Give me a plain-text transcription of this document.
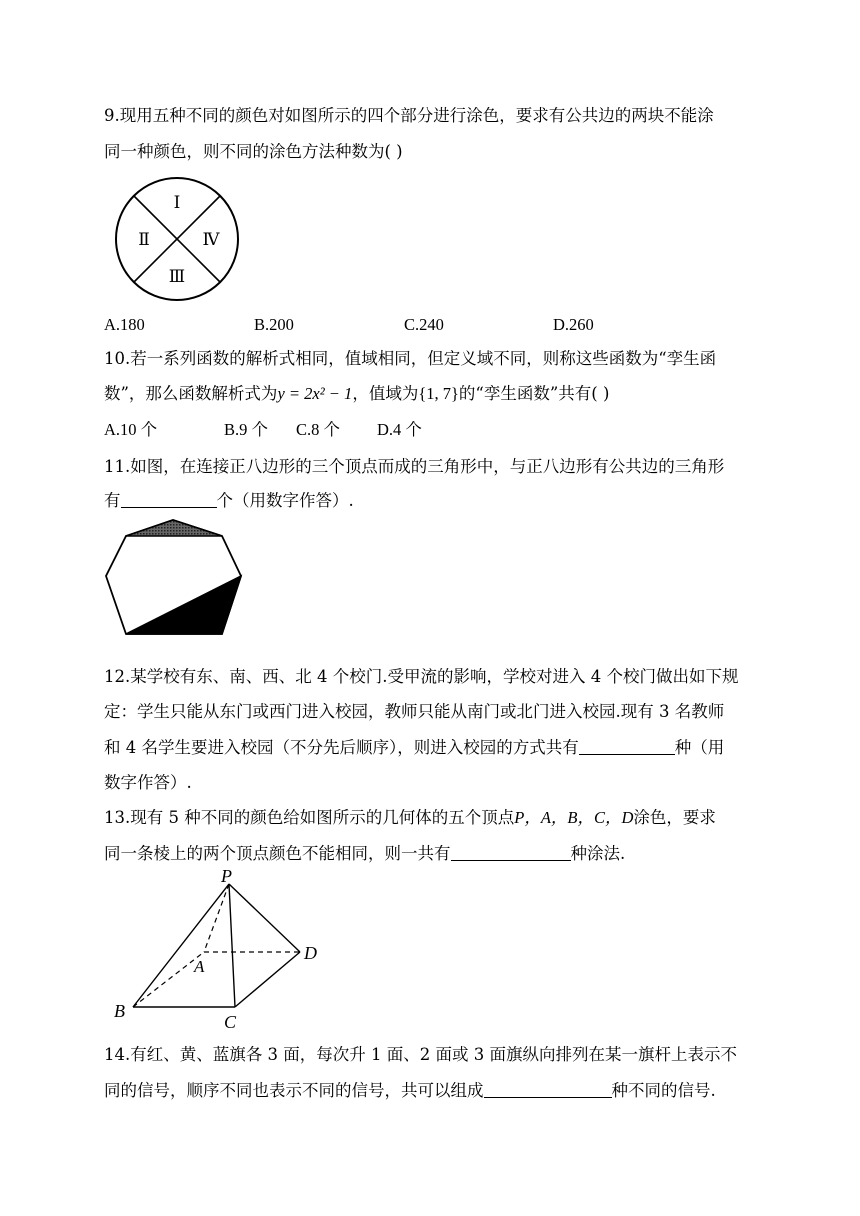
9.现用五种不同的颜色对如图所示的四个部分进行涂色，要求有公共边的两块不能涂
同一种颜色，则不同的涂色方法种数为( )
Ⅰ
Ⅱ
Ⅲ
Ⅳ
A.180	B.200	C.240	D.260
10.若一系列函数的解析式相同，值域相同，但定义域不同，则称这些函数为“孪生函
数”，那么函数解析式为y = 2x² − 1，值域为{1, 7}的“孪生函数”共有( )
A.10 个	B.9 个 C.8 个 D.4 个
11.如图，在连接正八边形的三个顶点而成的三角形中，与正八边形有公共边的三角形
有	个（用数字作答）.
12.某学校有东、南、西、北 4 个校门.受甲流的影响，学校对进入 4 个校门做出如下规
定：学生只能从东门或西门进入校园，教师只能从南门或北门进入校园.现有 3 名教师
和 4 名学生要进入校园（不分先后顺序），则进入校园的方式共有	种（用
数字作答）.
13.现有 5 种不同的颜色给如图所示的几何体的五个顶点P，A，B，C，D涂色，要求
同一条棱上的两个顶点颜色不能相同，则一共有	种涂法.
P
A
B
C
D
14.有红、黄、蓝旗各 3 面，每次升 1 面、2 面或 3 面旗纵向排列在某一旗杆上表示不
同的信号，顺序不同也表示不同的信号，共可以组成	种不同的信号.
